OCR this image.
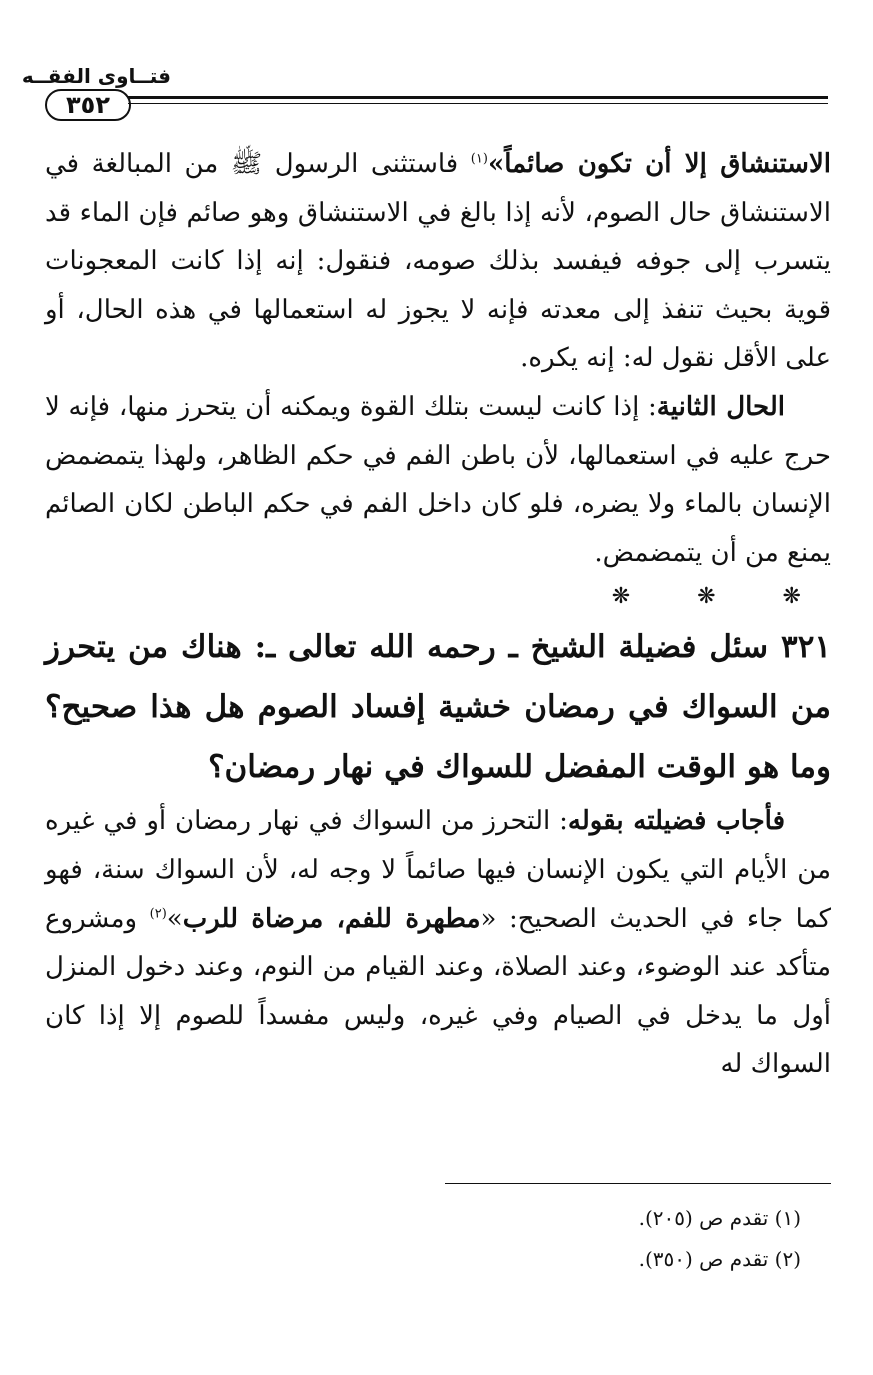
فتــاوى الفقــه
٣٥٢

الاستنشاق إلا أن تكون صائماً»$^{(١)}$ فاستثنى الرسول ﷺ من المبالغة في الاستنشاق حال الصوم، لأنه إذا بالغ في الاستنشاق وهو صائم فإن الماء قد يتسرب إلى جوفه فيفسد بذلك صومه، فنقول: إنه إذا كانت المعجونات قوية بحيث تنفذ إلى معدته فإنه لا يجوز له استعمالها في هذه الحال، أو على الأقل نقول له: إنه يكره.

الحال الثانية: إذا كانت ليست بتلك القوة ويمكنه أن يتحرز منها، فإنه لا حرج عليه في استعمالها، لأن باطن الفم في حكم الظاهر، ولهذا يتمضمض الإنسان بالماء ولا يضره، فلو كان داخل الفم في حكم الباطن لكان الصائم يمنع من أن يتمضمض.

❋ ❋ ❋

٣٢١ سئل فضيلة الشيخ ـ رحمه الله تعالى ـ: هناك من يتحرز من السواك في رمضان خشية إفساد الصوم هل هذا صحيح؟ وما هو الوقت المفضل للسواك في نهار رمضان؟

فأجاب فضيلته بقوله: التحرز من السواك في نهار رمضان أو في غيره من الأيام التي يكون الإنسان فيها صائماً لا وجه له، لأن السواك سنة، فهو كما جاء في الحديث الصحيح: «مطهرة للفم، مرضاة للرب»$^{(٢)}$ ومشروع متأكد عند الوضوء، وعند الصلاة، وعند القيام من النوم، وعند دخول المنزل أول ما يدخل في الصيام وفي غيره، وليس مفسداً للصوم إلا إذا كان السواك له

(١) تقدم ص (٢٠٥).
(٢) تقدم ص (٣٥٠).
